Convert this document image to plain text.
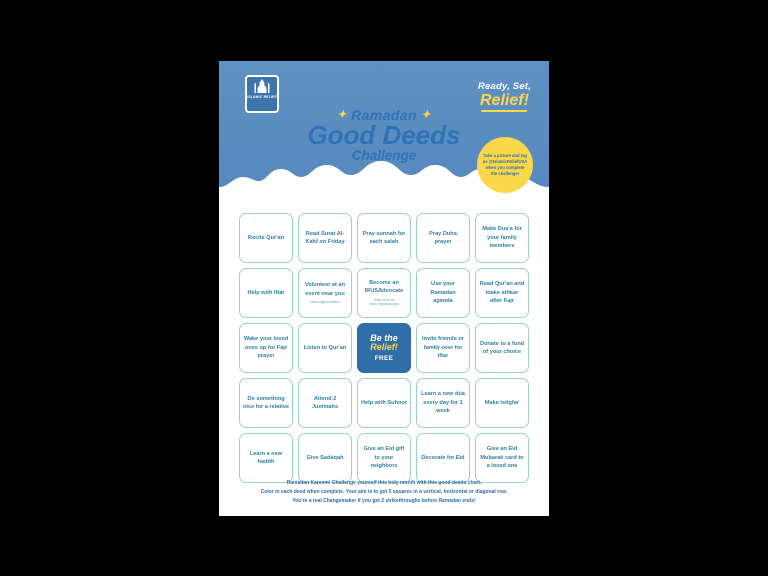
ISLAMIC RELIEF
Ready, Set,
Relief!
✦ Ramadan ✦
Good Deeds
Challenge	Take a picture and tag us @IslamicReliefUSA when you complete the challenge!
Recite Qur'an
Read Surat Al-Kahf on Friday
Pray sunnah for each salah
Pray Duha prayer
Make Dua'a for your family members
Help with iftar
Volunteer at an event near you
irusa.org/volunteer
Become an IRUSAdvocate
learn how at irusa.org/advocacy
Use your Ramadan agenda
Read Qur'an and make athkar after Fajr
Wake your loved ones up for Fajr prayer
Listen to Qur'an
Be the
Relief!
FREE
Invite friends or family over for iftar
Donate to a fund of your choice
Do something nice for a relative
Attend 2 Jummahs
Help with Suhoor
Learn a new dua every day for 1 week
Make istigfar
Learn a new hadith
Give Sadaqah
Give an Eid gift to your neighbors
Decorate for Eid
Give an Eid Mubarak card to a loved one
Ramadan Kareem! Challenge yourself this holy month with this good deeds chart.
Color in each deed when complete. Your aim is to get 5 squares in a vertical, horizontal or diagonal row.
You're a real Changemaker if you get 2 strikethroughs before Ramadan ends!
